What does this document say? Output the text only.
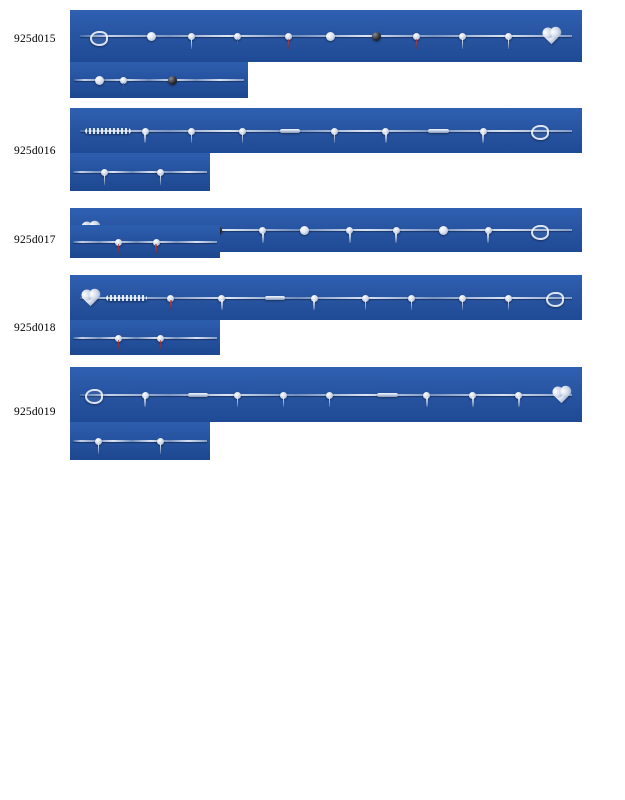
925d015
925d016
925d017
925d018
925d019
